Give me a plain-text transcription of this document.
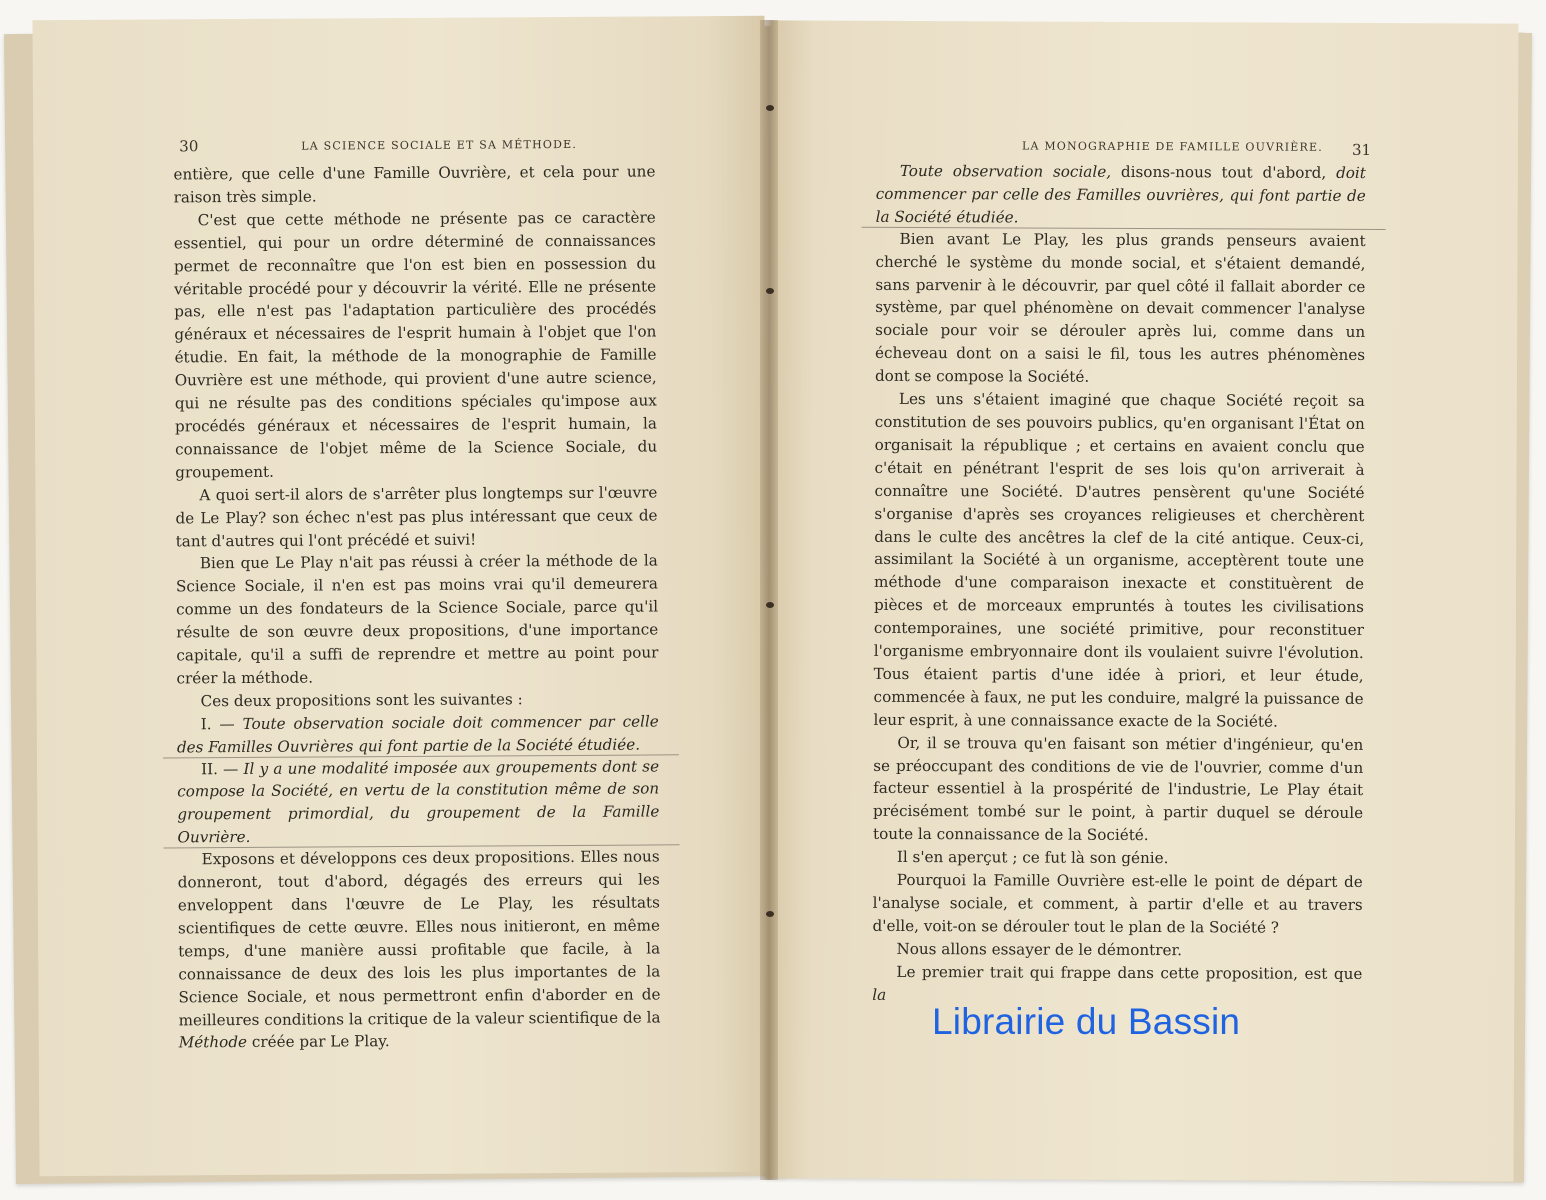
30	LA SCIENCE SOCIALE ET SA MÉTHODE.

entière, que celle d'une Famille Ouvrière, et cela pour une raison très simple.

C'est que cette méthode ne présente pas ce caractère essentiel, qui pour un ordre déterminé de connaissances permet de reconnaître que l'on est bien en possession du véritable procédé pour y découvrir la vérité. Elle ne présente pas, elle n'est pas l'adaptation particulière des procédés généraux et nécessaires de l'esprit humain à l'objet que l'on étudie. En fait, la méthode de la monographie de Famille Ouvrière est une méthode, qui provient d'une autre science, qui ne résulte pas des conditions spéciales qu'impose aux procédés généraux et nécessaires de l'esprit humain, la connaissance de l'objet même de la Science Sociale, du groupement.

A quoi sert-il alors de s'arrêter plus longtemps sur l'œuvre de Le Play? son échec n'est pas plus intéressant que ceux de tant d'autres qui l'ont précédé et suivi!

Bien que Le Play n'ait pas réussi à créer la méthode de la Science Sociale, il n'en est pas moins vrai qu'il demeurera comme un des fondateurs de la Science Sociale, parce qu'il résulte de son œuvre deux propositions, d'une importance capitale, qu'il a suffi de reprendre et mettre au point pour créer la méthode.

Ces deux propositions sont les suivantes :

I. — Toute observation sociale doit commencer par celle des Familles Ouvrières qui font partie de la Société étudiée.

II. — Il y a une modalité imposée aux groupements dont se compose la Société, en vertu de la constitution même de son groupement primordial, du groupement de la Famille Ouvrière.

Exposons et développons ces deux propositions. Elles nous donneront, tout d'abord, dégagés des erreurs qui les enveloppent dans l'œuvre de Le Play, les résultats scientifiques de cette œuvre. Elles nous initieront, en même temps, d'une manière aussi profitable que facile, à la connaissance de deux des lois les plus importantes de la Science Sociale, et nous permettront enfin d'aborder en de meilleures conditions la critique de la valeur scientifique de la Méthode créée par Le Play.

LA MONOGRAPHIE DE FAMILLE OUVRIÈRE. 31

Toute observation sociale, disons-nous tout d'abord, doit commencer par celle des Familles ouvrières, qui font partie de la Société étudiée.

Bien avant Le Play, les plus grands penseurs avaient cherché le système du monde social, et s'étaient demandé, sans parvenir à le découvrir, par quel côté il fallait aborder ce système, par quel phénomène on devait commencer l'analyse sociale pour voir se dérouler après lui, comme dans un écheveau dont on a saisi le fil, tous les autres phénomènes dont se compose la Société.

Les uns s'étaient imaginé que chaque Société reçoit sa constitution de ses pouvoirs publics, qu'en organisant l'État on organisait la république ; et certains en avaient conclu que c'était en pénétrant l'esprit de ses lois qu'on arriverait à connaître une Société. D'autres pensèrent qu'une Société s'organise d'après ses croyances religieuses et cherchèrent dans le culte des ancêtres la clef de la cité antique. Ceux-ci, assimilant la Société à un organisme, acceptèrent toute une méthode d'une comparaison inexacte et constituèrent de pièces et de morceaux empruntés à toutes les civilisations contemporaines, une société primitive, pour reconstituer l'organisme embryonnaire dont ils voulaient suivre l'évolution. Tous étaient partis d'une idée à priori, et leur étude, commencée à faux, ne put les conduire, malgré la puissance de leur esprit, à une connaissance exacte de la Société.

Or, il se trouva qu'en faisant son métier d'ingénieur, qu'en se préoccupant des conditions de vie de l'ouvrier, comme d'un facteur essentiel à la prospérité de l'industrie, Le Play était précisément tombé sur le point, à partir duquel se déroule toute la connaissance de la Société.

Il s'en aperçut ; ce fut là son génie.

Pourquoi la Famille Ouvrière est-elle le point de départ de l'analyse sociale, et comment, à partir d'elle et au travers d'elle, voit-on se dérouler tout le plan de la Société ?

Nous allons essayer de le démontrer.

Le premier trait qui frappe dans cette proposition, est que la

Librairie du Bassin
